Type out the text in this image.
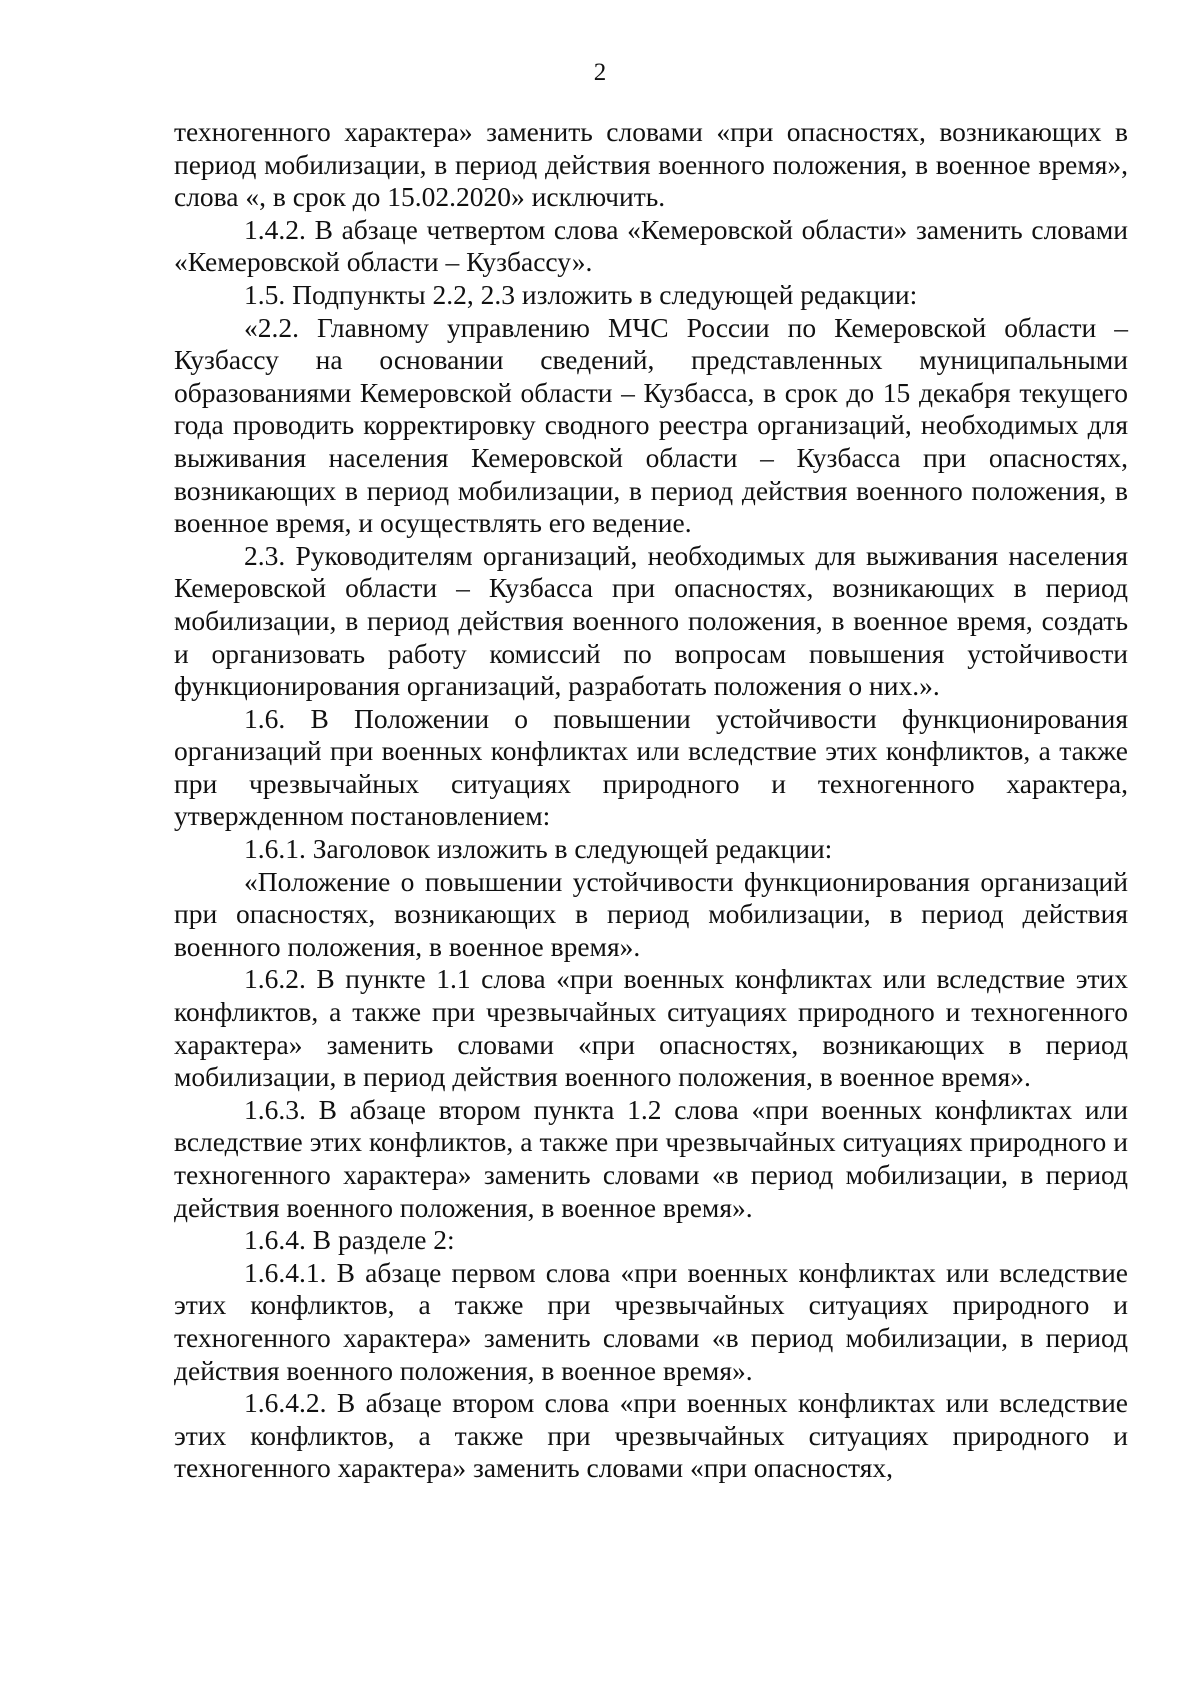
2

техногенного характера» заменить словами «при опасностях, возникающих в период мобилизации, в период действия военного положения, в военное время», слова «, в срок до 15.02.2020» исключить.

1.4.2. В абзаце четвертом слова «Кемеровской области» заменить словами «Кемеровской области – Кузбассу».

1.5. Подпункты 2.2, 2.3 изложить в следующей редакции:

«2.2. Главному управлению МЧС России по Кемеровской области – Кузбассу на основании сведений, представленных муниципальными образованиями Кемеровской области – Кузбасса, в срок до 15 декабря текущего года проводить корректировку сводного реестра организаций, необходимых для выживания населения Кемеровской области – Кузбасса при опасностях, возникающих в период мобилизации, в период действия военного положения, в военное время, и осуществлять его ведение.

2.3. Руководителям организаций, необходимых для выживания населения Кемеровской области – Кузбасса при опасностях, возникающих в период мобилизации, в период действия военного положения, в военное время, создать и организовать работу комиссий по вопросам повышения устойчивости функционирования организаций, разработать положения о них.».

1.6. В Положении о повышении устойчивости функционирования организаций при военных конфликтах или вследствие этих конфликтов, а также при чрезвычайных ситуациях природного и техногенного характера, утвержденном постановлением:

1.6.1. Заголовок изложить в следующей редакции:

«Положение о повышении устойчивости функционирования организаций при опасностях, возникающих в период мобилизации, в период действия военного положения, в военное время».

1.6.2. В пункте 1.1 слова «при военных конфликтах или вследствие этих конфликтов, а также при чрезвычайных ситуациях природного и техногенного характера» заменить словами «при опасностях, возникающих в период мобилизации, в период действия военного положения, в военное время».

1.6.3. В абзаце втором пункта 1.2 слова «при военных конфликтах или вследствие этих конфликтов, а также при чрезвычайных ситуациях природного и техногенного характера» заменить словами «в период мобилизации, в период действия военного положения, в военное время».

1.6.4. В разделе 2:

1.6.4.1. В абзаце первом слова «при военных конфликтах или вследствие этих конфликтов, а также при чрезвычайных ситуациях природного и техногенного характера» заменить словами «в период мобилизации, в период действия военного положения, в военное время».

1.6.4.2. В абзаце втором слова «при военных конфликтах или вследствие этих конфликтов, а также при чрезвычайных ситуациях природного и техногенного характера» заменить словами «при опасностях,
